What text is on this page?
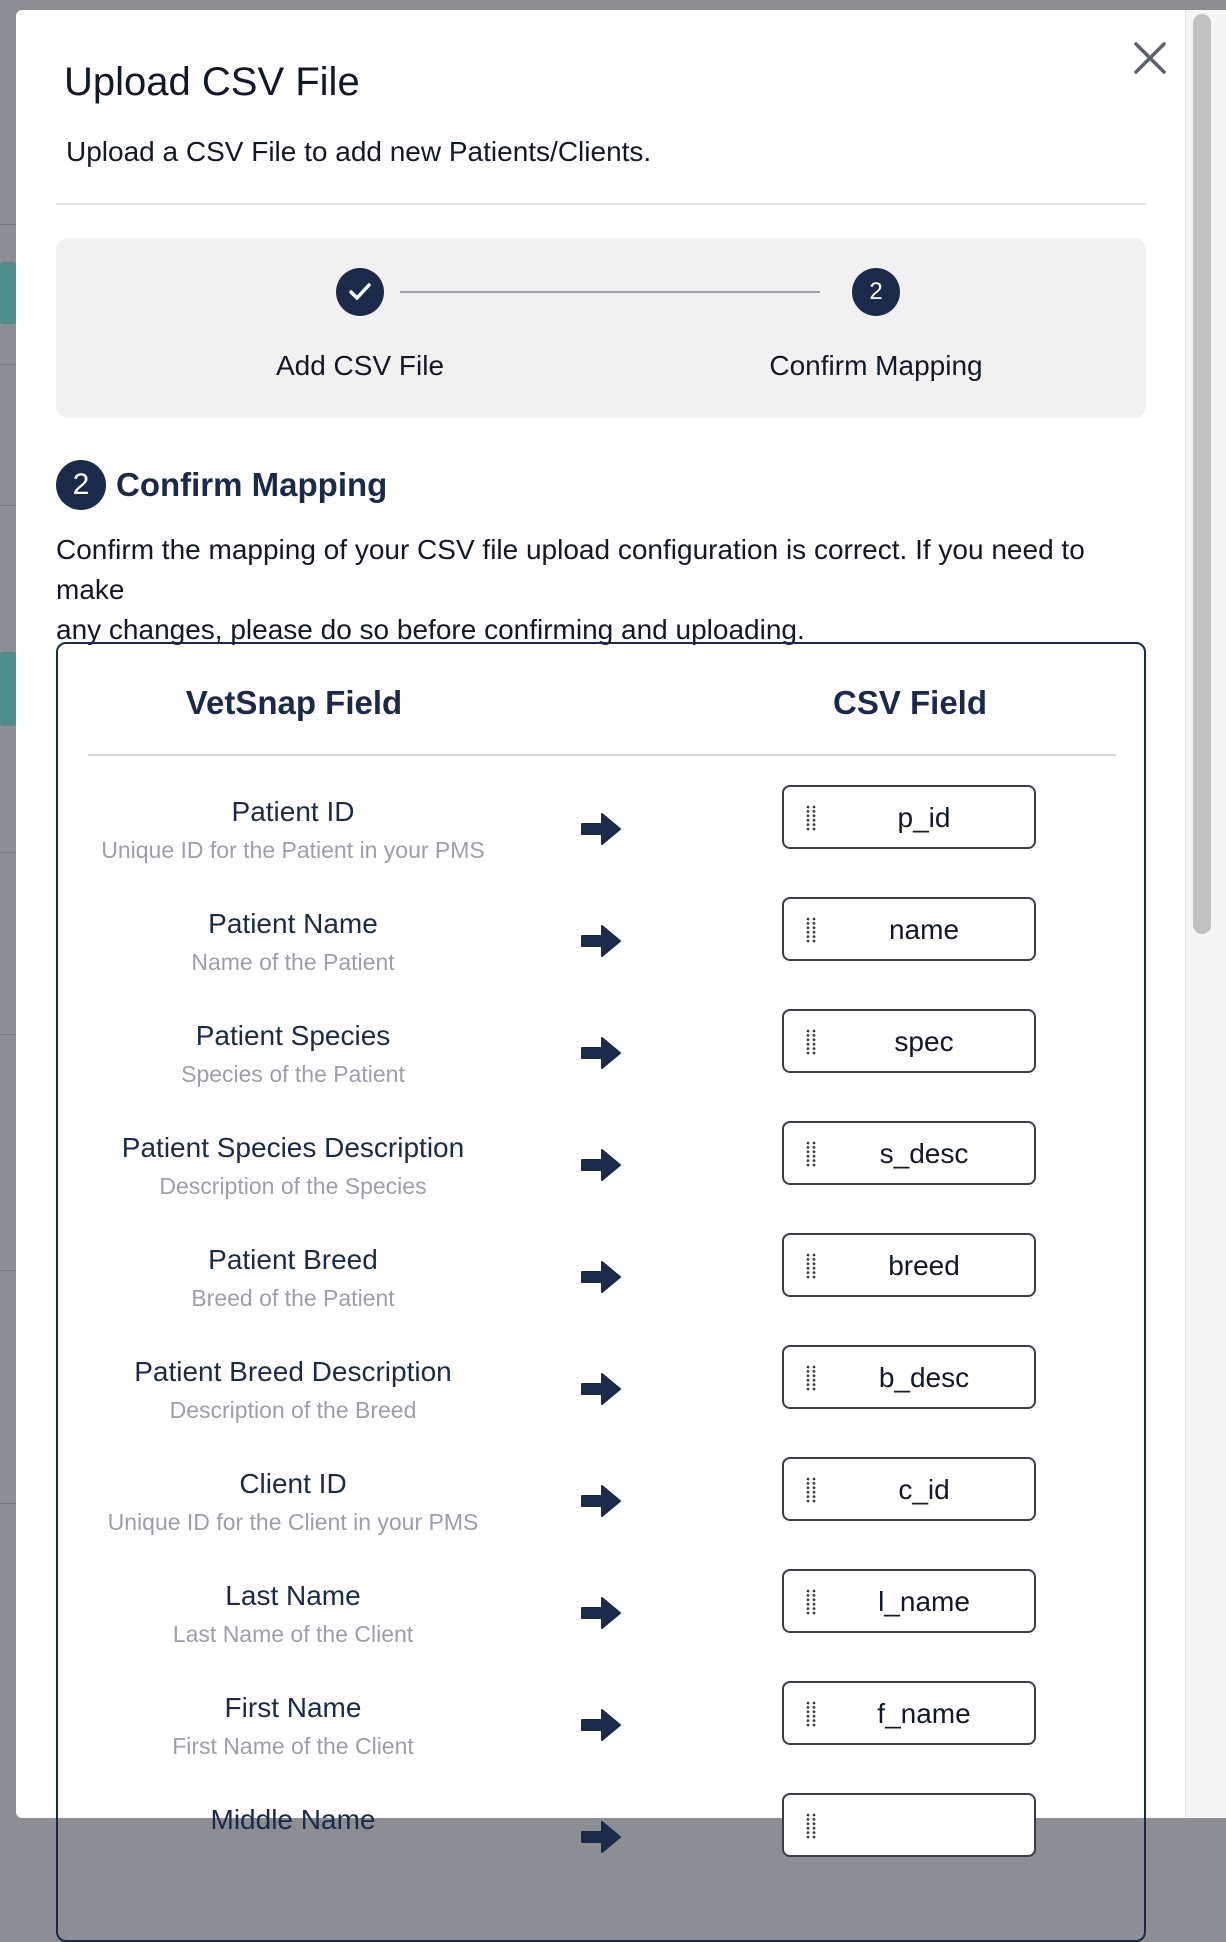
Upload CSV File

Upload a CSV File to add new Patients/Clients.

2
Add CSV File	Confirm Mapping
2 Confirm Mapping
Confirm the mapping of your CSV file upload configuration is correct. If you need to make
any changes, please do so before confirming and uploading.
VetSnap Field	CSV Field
Patient ID
Unique ID for the Patient in your PMS
p_id
Patient Name
Name of the Patient
name
Patient Species
Species of the Patient
spec
Patient Species Description
Description of the Species
s_desc
Patient Breed
Breed of the Patient
breed
Patient Breed Description
Description of the Breed
b_desc
Client ID
Unique ID for the Client in your PMS
c_id
Last Name
Last Name of the Client
l_name
First Name
First Name of the Client
f_name
Middle Name
